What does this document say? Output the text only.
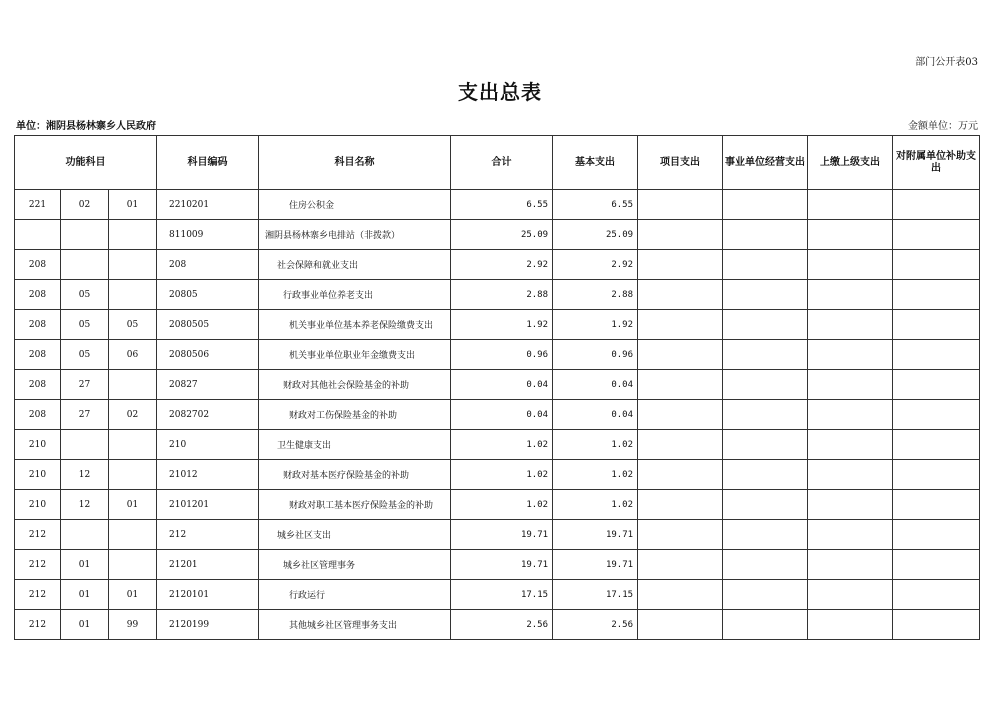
部门公开表03
支出总表
单位：湘阴县杨林寨乡人民政府	金额单位：万元
功能科目			科目编码	科目名称	合计	基本支出	项目支出	事业单位经营支出	上缴上级支出	对附属单位补助支出
221	02	01	2210201	住房公积金	6.55	6.55				
			811009	湘阴县杨林寨乡电排站（非拨款）	25.09	25.09				
208			208	社会保障和就业支出	2.92	2.92				
208	05		20805	行政事业单位养老支出	2.88	2.88				
208	05	05	2080505	机关事业单位基本养老保险缴费支出	1.92	1.92				
208	05	06	2080506	机关事业单位职业年金缴费支出	0.96	0.96				
208	27		20827	财政对其他社会保险基金的补助	0.04	0.04				
208	27	02	2082702	财政对工伤保险基金的补助	0.04	0.04				
210			210	卫生健康支出	1.02	1.02				
210	12		21012	财政对基本医疗保险基金的补助	1.02	1.02				
210	12	01	2101201	财政对职工基本医疗保险基金的补助	1.02	1.02				
212			212	城乡社区支出	19.71	19.71				
212	01		21201	城乡社区管理事务	19.71	19.71				
212	01	01	2120101	行政运行	17.15	17.15				
212	01	99	2120199	其他城乡社区管理事务支出	2.56	2.56				
